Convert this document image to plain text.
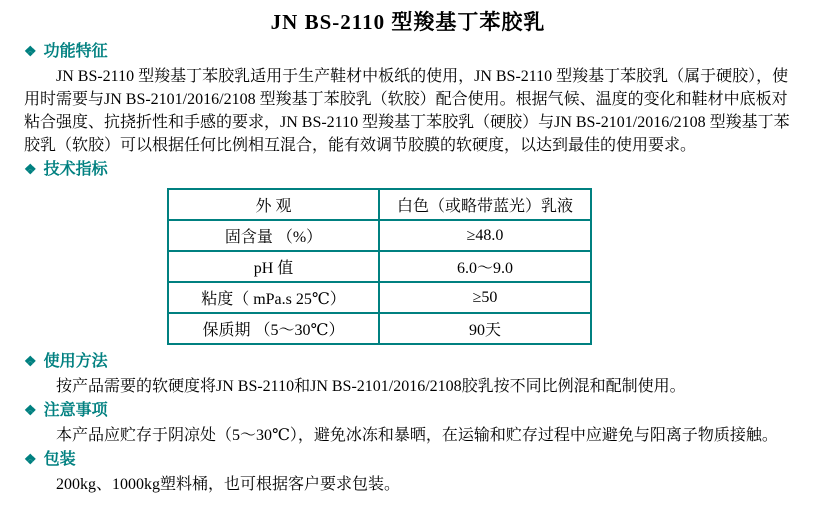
JN BS-2110 型羧基丁苯胶乳
❖ 功能特征

JN BS-2110 型羧基丁苯胶乳适用于生产鞋材中板纸的使用，JN BS-2110 型羧基丁苯胶乳（属于硬胶），使用时需要与JN BS-2101/2016/2108 型羧基丁苯胶乳（软胶）配合使用。根据气候、温度的变化和鞋材中底板对粘合强度、抗挠折性和手感的要求，JN BS-2110 型羧基丁苯胶乳（硬胶）与JN BS-2101/2016/2108 型羧基丁苯胶乳（软胶）可以根据任何比例相互混合，能有效调节胶膜的软硬度，以达到最佳的使用要求。

❖ 技术指标
外 观	白色（或略带蓝光）乳液
固含量 （%）	≥48.0
pH 值	6.0～9.0
粘度（ mPa.s 25℃）	≥50
保质期 （5～30℃）	90天
❖ 使用方法

按产品需要的软硬度将JN BS-2110和JN BS-2101/2016/2108胶乳按不同比例混和配制使用。

❖ 注意事项

本产品应贮存于阴凉处（5～30℃），避免冰冻和暴晒，在运输和贮存过程中应避免与阳离子物质接触。

❖ 包装

200kg、1000kg塑料桶，也可根据客户要求包装。
